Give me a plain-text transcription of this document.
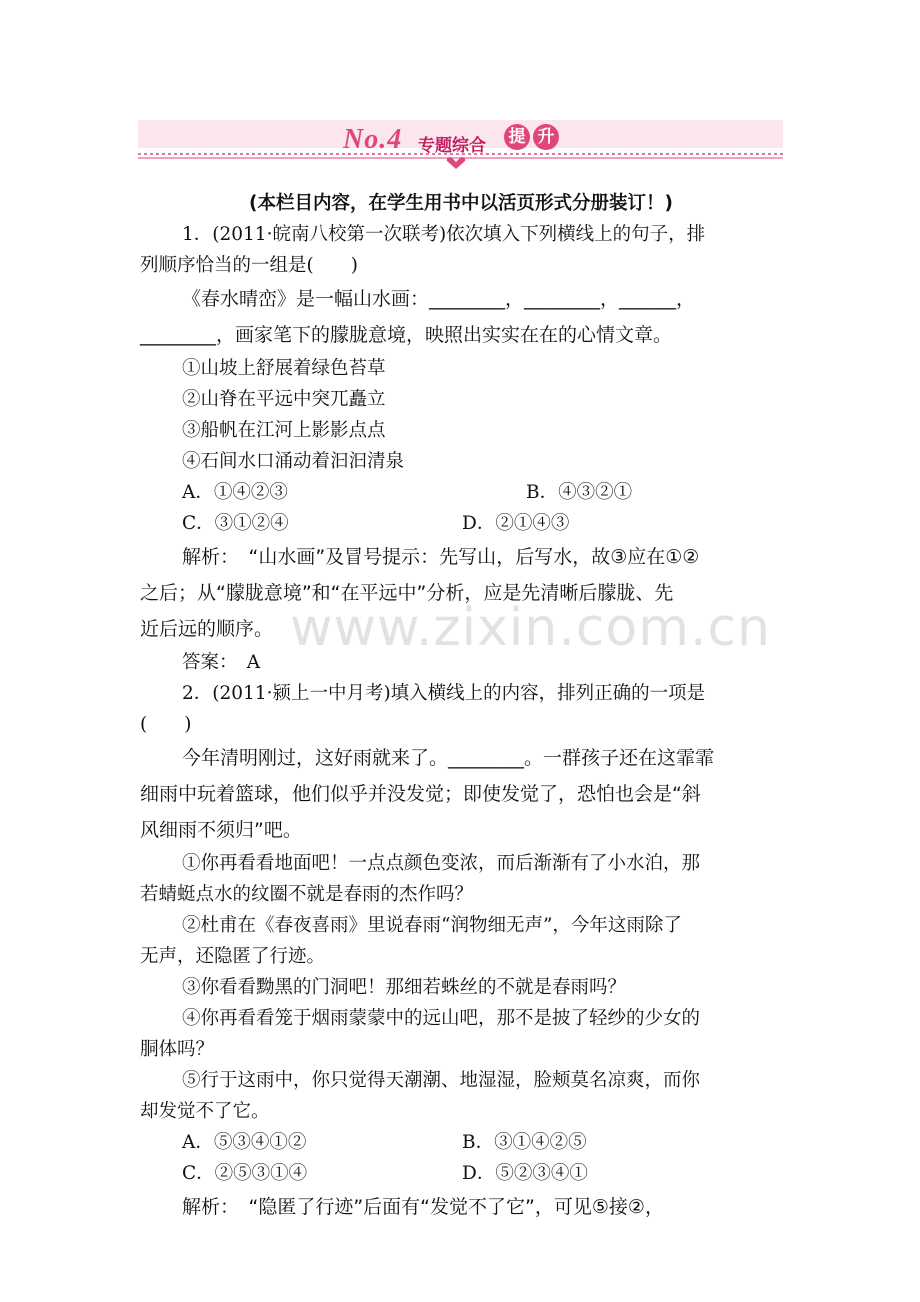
No.4 专题综合 提 升
www.zixin.com.cn
(本栏目内容，在学生用书中以活页形式分册装订！)
1．(2011·皖南八校第一次联考)依次填入下列横线上的句子，排
列顺序恰当的一组是(　　)
《春水晴峦》是一幅山水画：________，________，______，
________，画家笔下的朦胧意境，映照出实实在在的心情文章。
①山坡上舒展着绿色苔草
②山脊在平远中突兀矗立
③船帆在江河上影影点点
④石间水口涌动着汩汩清泉
A．①④②③	B．④③②①
C．③①②④	D．②①④③
解析：　“山水画”及冒号提示：先写山，后写水，故③应在①②
之后；从“朦胧意境”和“在平远中”分析，应是先清晰后朦胧、先
近后远的顺序。
答案：　A
2．(2011·颍上一中月考)填入横线上的内容，排列正确的一项是
(　　)
今年清明刚过，这好雨就来了。________。一群孩子还在这霏霏
细雨中玩着篮球，他们似乎并没发觉；即使发觉了，恐怕也会是“斜
风细雨不须归”吧。
①你再看看地面吧！一点点颜色变浓，而后渐渐有了小水泊，那
若蜻蜓点水的纹圈不就是春雨的杰作吗？
②杜甫在《春夜喜雨》里说春雨“润物细无声”，今年这雨除了
无声，还隐匿了行迹。
③你看看黝黑的门洞吧！那细若蛛丝的不就是春雨吗？
④你再看看笼于烟雨蒙蒙中的远山吧，那不是披了轻纱的少女的
胴体吗？
⑤行于这雨中，你只觉得天潮潮、地湿湿，脸颊莫名凉爽，而你
却发觉不了它。
A．⑤③④①②	B．③①④②⑤
C．②⑤③①④	D．⑤②③④①
解析：　“隐匿了行迹”后面有“发觉不了它”，可见⑤接②，
